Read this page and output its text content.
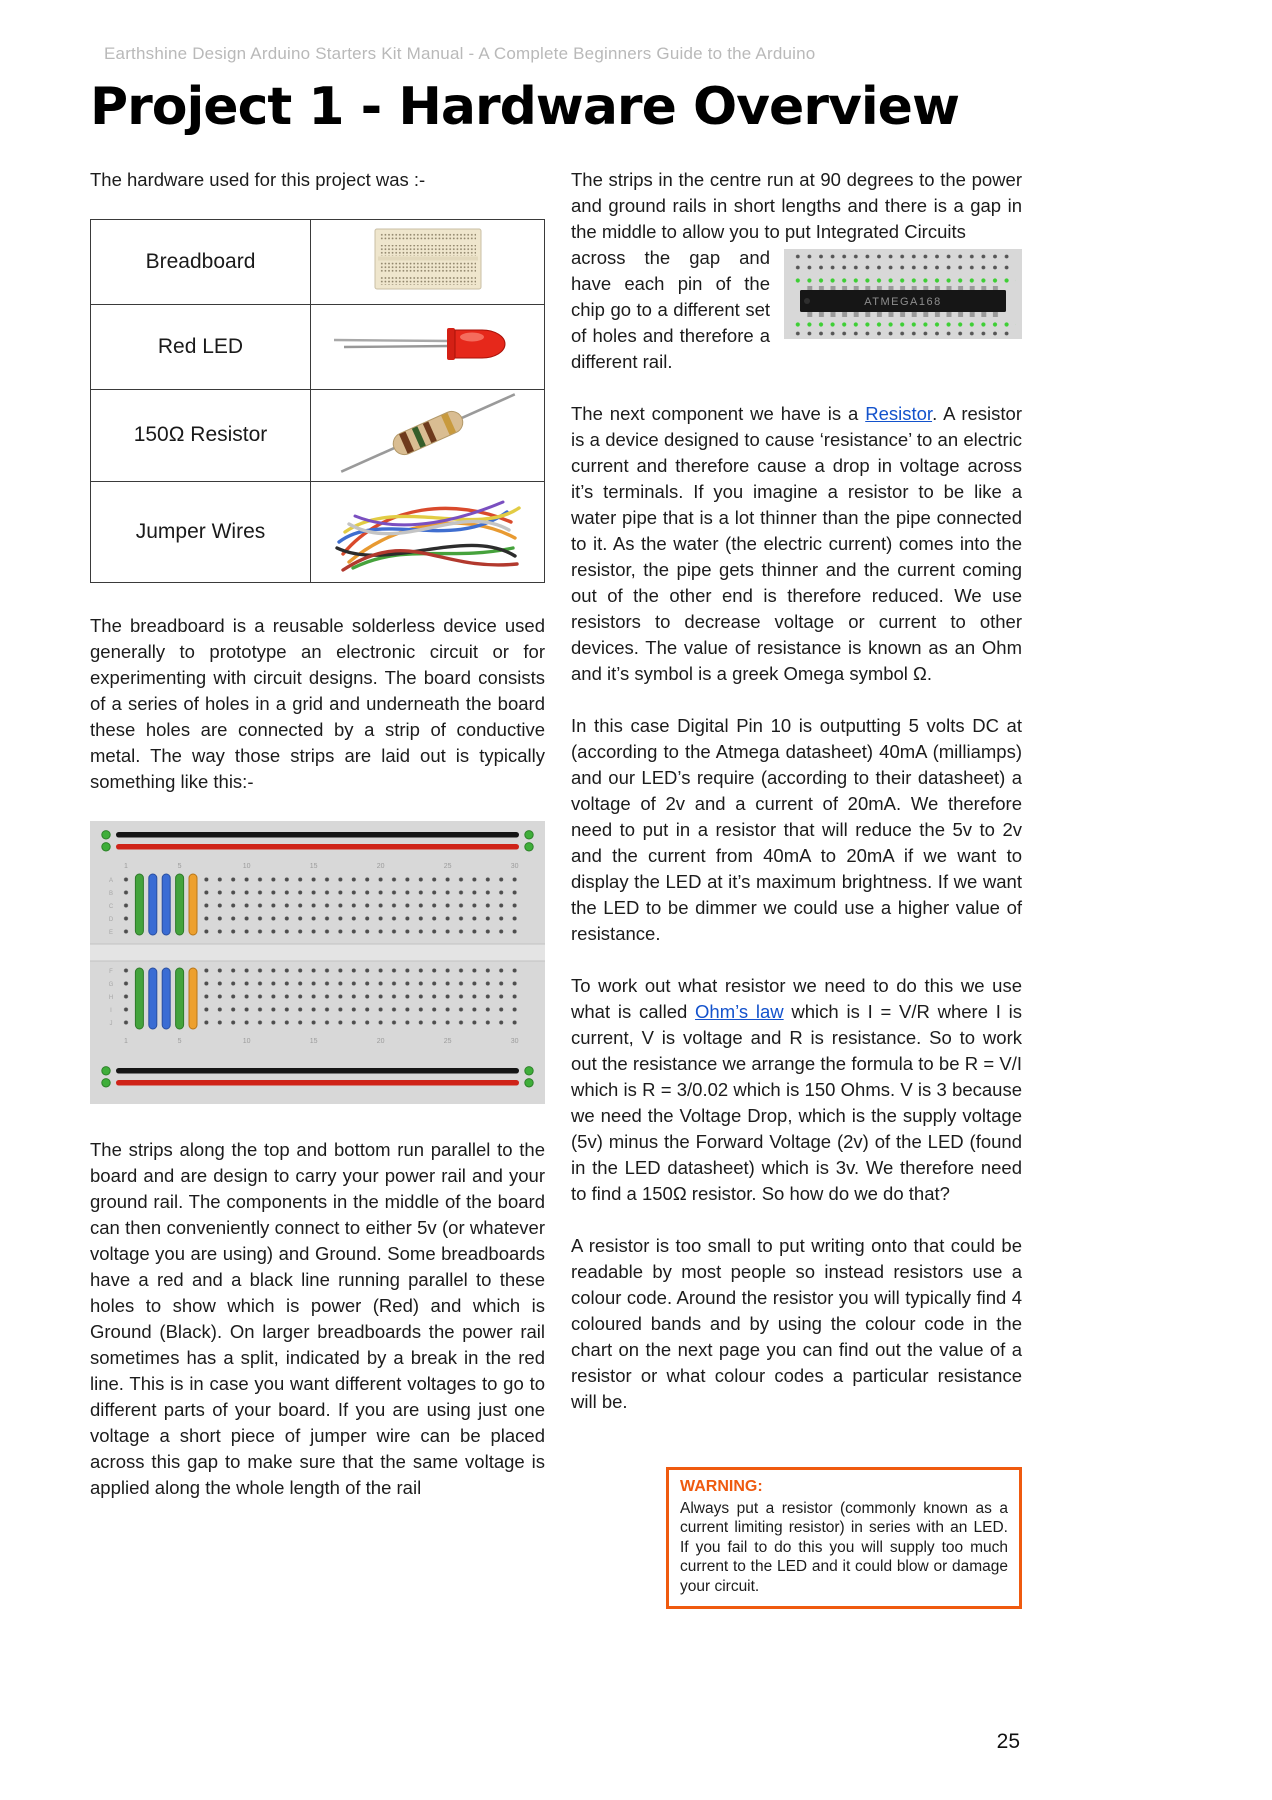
Earthshine Design Arduino Starters Kit Manual - A Complete Beginners Guide to the Arduino
Project 1 - Hardware Overview

The hardware used for this project was :-

Breadboard	
Red LED	
150Ω Resistor	
Jumper Wires	

The breadboard is a reusable solderless device used generally to prototype an electronic circuit or for experimenting with circuit designs. The board consists of a series of holes in a grid and underneath the board these holes are connected by a strip of conductive metal. The way those strips are laid out is typically something like this:-

1	5	10	15	20	25	30
A
B
C
D
E
F
G
H
I
J
1	5	10	15	20	25	30

The strips along the top and bottom run parallel to the board and are design to carry your power rail and your ground rail. The components in the middle of the board can then conveniently connect to either 5v (or whatever voltage you are using) and Ground. Some breadboards have a red and a black line running parallel to these holes to show which is power (Red) and which is Ground (Black). On larger breadboards the power rail sometimes has a split, indicated by a break in the red line. This is in case you want different voltages to go to different parts of your board. If you are using just one voltage a short piece of jumper wire can be placed across this gap to make sure that the same voltage is applied along the whole length of the rail

The strips in the centre run at 90 degrees to the power and ground rails in short lengths and there is a gap in the middle to allow you to put Integrated Circuits

ATMEGA168

across the gap and have each pin of the chip go to a different set of holes and therefore a different rail.

The next component we have is a Resistor. A resistor is a device designed to cause ‘resistance’ to an electric current and therefore cause a drop in voltage across it’s terminals. If you imagine a resistor to be like a water pipe that is a lot thinner than the pipe connected to it. As the water (the electric current) comes into the resistor, the pipe gets thinner and the current coming out of the other end is therefore reduced. We use resistors to decrease voltage or current to other devices. The value of resistance is known as an Ohm and it’s symbol is a greek Omega symbol Ω.

In this case Digital Pin 10 is outputting 5 volts DC at (according to the Atmega datasheet) 40mA (milliamps) and our LED’s require (according to their datasheet) a voltage of 2v and a current of 20mA. We therefore need to put in a resistor that will reduce the 5v to 2v and the current from 40mA to 20mA if we want to display the LED at it’s maximum brightness. If we want the LED to be dimmer we could use a higher value of resistance.

To work out what resistor we need to do this we use what is called Ohm’s law which is I = V/R where I is current, V is voltage and R is resistance. So to work out the resistance we arrange the formula to be R = V/I which is R = 3/0.02 which is 150 Ohms. V is 3 because we need the Voltage Drop, which is the supply voltage (5v) minus the Forward Voltage (2v) of the LED (found in the LED datasheet) which is 3v. We therefore need to find a 150Ω resistor. So how do we do that?

A resistor is too small to put writing onto that could be readable by most people so instead resistors use a colour code. Around the resistor you will typically find 4 coloured bands and by using the colour code in the chart on the next page you can find out the value of a resistor or what colour codes a particular resistance will be.

WARNING:
Always put a resistor (commonly known as a current limiting resistor) in series with an LED. If you fail to do this you will supply too much current to the LED and it could blow or damage your circuit.
25
